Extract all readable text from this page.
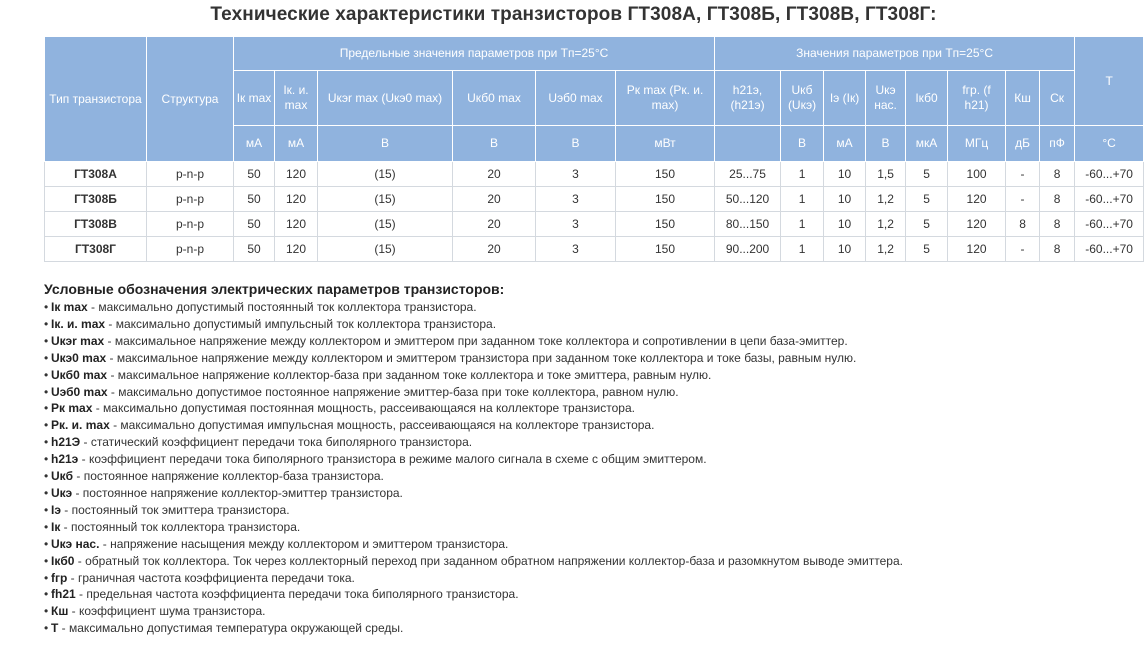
Технические характеристики транзисторов ГТ308А, ГТ308Б, ГТ308В, ГТ308Г:
Тип транзистора	Структура	Предельные значения параметров при Tп=25°C						Значения параметров при Tп=25°C								T
		Iк max	Iк. и. max	Uкэr max (Uкэ0 max)	Uкб0 max	Uэб0 max	Pк max (Pк. и. max)	h21э, (h21э)	Uкб (Uкэ)	Iэ (Iк)	Uкэ нас.	Iкб0	fгр. (f h21)	Кш	Ск	
		мА	мА	В	В	В	мВт		В	мА	В	мкА	МГц	дБ	пФ	°C
ГТ308А	p-n-p	50	120	(15)	20	3	150	25...75	1	10	1,5	5	100	-	8	-60...+70
ГТ308Б	p-n-p	50	120	(15)	20	3	150	50...120	1	10	1,2	5	120	-	8	-60...+70
ГТ308В	p-n-p	50	120	(15)	20	3	150	80...150	1	10	1,2	5	120	8	8	-60...+70
ГТ308Г	p-n-p	50	120	(15)	20	3	150	90...200	1	10	1,2	5	120	-	8	-60...+70
Условные обозначения электрических параметров транзисторов:
• Iк max - максимально допустимый постоянный ток коллектора транзистора.
• Iк. и. max - максимально допустимый импульсный ток коллектора транзистора.
• Uкэr max - максимальное напряжение между коллектором и эмиттером при заданном токе коллектора и сопротивлении в цепи база-эмиттер.
• Uкэ0 max - максимальное напряжение между коллектором и эмиттером транзистора при заданном токе коллектора и токе базы, равным нулю.
• Uкб0 max - максимальное напряжение коллектор-база при заданном токе коллектора и токе эмиттера, равным нулю.
• Uэб0 max - максимально допустимое постоянное напряжение эмиттер-база при токе коллектора, равном нулю.
• Pк max - максимально допустимая постоянная мощность, рассеивающаяся на коллекторе транзистора.
• Pк. и. max - максимально допустимая импульсная мощность, рассеивающаяся на коллекторе транзистора.
• h21Э - статический коэффициент передачи тока биполярного транзистора.
• h21э - коэффициент передачи тока биполярного транзистора в режиме малого сигнала в схеме с общим эмиттером.
• Uкб - постоянное напряжение коллектор-база транзистора.
• Uкэ - постоянное напряжение коллектор-эмиттер транзистора.
• Iэ - постоянный ток эмиттера транзистора.
• Iк - постоянный ток коллектора транзистора.
• Uкэ нас. - напряжение насыщения между коллектором и эмиттером транзистора.
• Iкб0 - обратный ток коллектора. Ток через коллекторный переход при заданном обратном напряжении коллектор-база и разомкнутом выводе эмиттера.
• fгр - граничная частота коэффициента передачи тока.
• fh21 - предельная частота коэффициента передачи тока биполярного транзистора.
• Кш - коэффициент шума транзистора.
• T - максимально допустимая температура окружающей среды.
